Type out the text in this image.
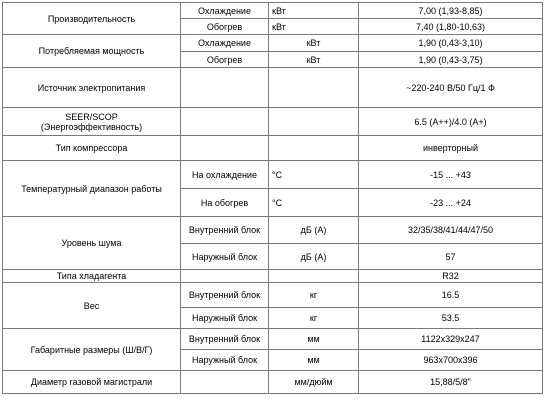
Производительность	Охлаждение	кВт	7,00 (1,93-8,85)
	Обогрев	кВт	7,40 (1,80-10,63)
Потребляемая мощность	Охлаждение	кВт	1,90 (0,43-3,10)
	Обогрев	кВт	1,90 (0,43-3,75)
Источник электропитания			~220-240 В/50 Гц/1 Ф

SEER/SCOP
(Энергоэффективность)			6.5 (A++)/4.0 (A+)
Тип компрессора			инверторный
Температурный диапазон работы	На охлаждение	°C	-15 ... +43
	На обогрев	°C	-23 ... +24
Уровень шума	Внутренний блок	дБ (А)	32/35/38/41/44/47/50
	Наружный блок	дБ (А)	57
Типа хладагента			R32
Вес	Внутренний блок	кг	16.5
	Наружный блок	кг	53.5
Габаритные размеры (Ш/В/Г)	Внутренний блок	мм	1122x329x247
	Наружный блок	мм	963x700x396
Диаметр газовой магистрали		мм/дюйм	15,88/5/8"
